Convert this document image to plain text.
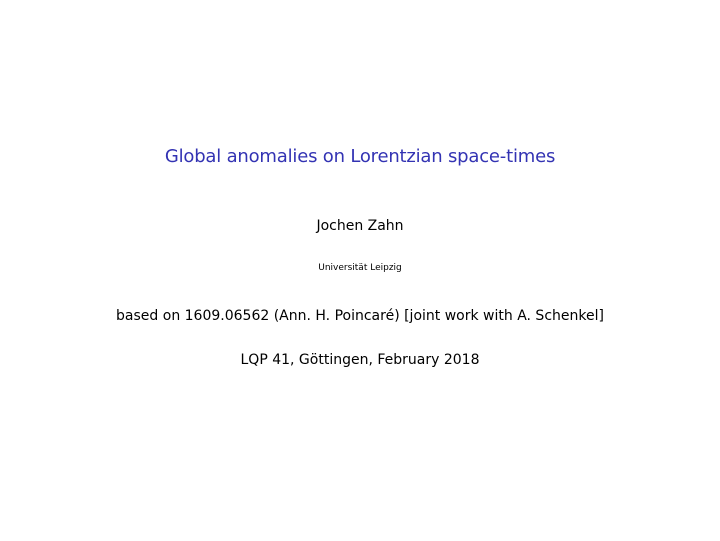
Global anomalies on Lorentzian space-times
Jochen Zahn
Universität Leipzig
based on 1609.06562 (Ann. H. Poincaré) [joint work with A. Schenkel]
LQP 41, Göttingen, February 2018
